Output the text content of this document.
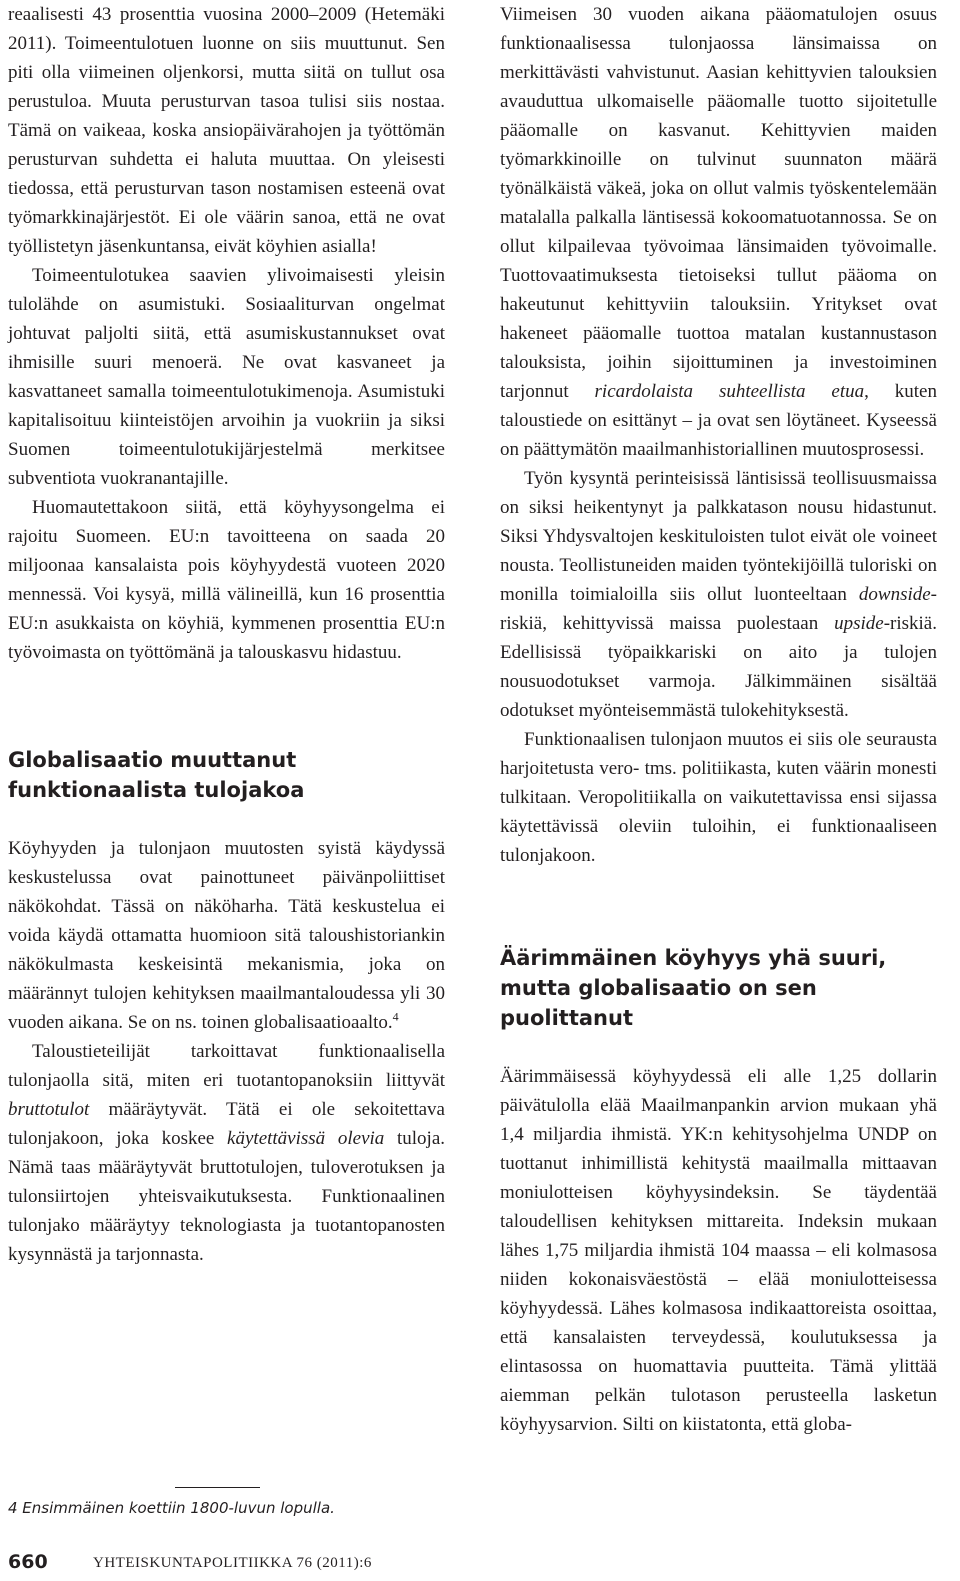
reaalisesti 43 prosenttia vuosina 2000–2009 (Hetemäki 2011). Toimeentulotuen luonne on siis muuttunut. Sen piti olla viimeinen oljenkorsi, mutta siitä on tullut osa perustuloa. Muuta perusturvan tasoa tulisi siis nostaa. Tämä on vaikeaa, koska ansiopäivärahojen ja työttömän perusturvan suhdetta ei haluta muuttaa. On yleisesti tiedossa, että perusturvan tason nostamisen esteenä ovat työmarkkinajärjestöt. Ei ole väärin sanoa, että ne ovat työllistetyn jäsenkuntansa, eivät köyhien asialla!

Toimeentulotukea saavien ylivoimaisesti yleisin tulolähde on asumistuki. Sosiaaliturvan ongelmat johtuvat paljolti siitä, että asumiskustannukset ovat ihmisille suuri menoerä. Ne ovat kasvaneet ja kasvattaneet samalla toimeentulotukimenoja. Asumistuki kapitalisoituu kiinteistöjen arvoihin ja vuokriin ja siksi Suomen toimeentulotukijärjestelmä merkitsee subventiota vuokranantajille.

Huomautettakoon siitä, että köyhyysongelma ei rajoitu Suomeen. EU:n tavoitteena on saada 20 miljoonaa kansalaista pois köyhyydestä vuoteen 2020 mennessä. Voi kysyä, millä välineillä, kun 16 prosenttia EU:n asukkaista on köyhiä, kymmenen prosenttia EU:n työvoimasta on työttömänä ja talouskasvu hidastuu.

Globalisaatio muuttanut funktionaalista tulojakoa

Köyhyyden ja tulonjaon muutosten syistä käydyssä keskustelussa ovat painottuneet päivänpoliittiset näkökohdat. Tässä on näköharha. Tätä keskustelua ei voida käydä ottamatta huomioon sitä taloushistoriankin näkökulmasta keskeisintä mekanismia, joka on määrännyt tulojen kehityksen maailmantaloudessa yli 30 vuoden aikana. Se on ns. toinen globalisaatioaalto.$^4$

Taloustieteilijät tarkoittavat funktionaalisella tulonjaolla sitä, miten eri tuotantopanoksiin liittyvät bruttotulot määräytyvät. Tätä ei ole sekoitettava tulonjakoon, joka koskee käytettävissä olevia tuloja. Nämä taas määräytyvät bruttotulojen, tuloverotuksen ja tulonsiirtojen yhteisvaikutuksesta. Funktionaalinen tulonjako määräytyy teknologiasta ja tuotantopanosten kysynnästä ja tarjonnasta.

Viimeisen 30 vuoden aikana pääomatulojen osuus funktionaalisessa tulonjaossa länsimaissa on merkittävästi vahvistunut. Aasian kehittyvien talouksien avauduttua ulkomaiselle pääomalle tuotto sijoitetulle pääomalle on kasvanut. Kehittyvien maiden työmarkkinoille on tulvinut suunnaton määrä työnälkäistä väkeä, joka on ollut valmis työskentelemään matalalla palkalla läntisessä kokoomatuotannossa. Se on ollut kilpailevaa työvoimaa länsimaiden työvoimalle. Tuottovaatimuksesta tietoiseksi tullut pääoma on hakeutunut kehittyviin talouksiin. Yritykset ovat hakeneet pääomalle tuottoa matalan kustannustason talouksista, joihin sijoittuminen ja investoiminen tarjonnut ricardolaista suhteellista etua, kuten taloustiede on esittänyt – ja ovat sen löytäneet. Kyseessä on päättymätön maailmanhistoriallinen muutosprosessi.

Työn kysyntä perinteisissä läntisissä teollisuusmaissa on siksi heikentynyt ja palkkatason nousu hidastunut. Siksi Yhdysvaltojen keskituloisten tulot eivät ole voineet nousta. Teollistuneiden maiden työntekijöillä tuloriski on monilla toimialoilla siis ollut luonteeltaan downside-riskiä, kehittyvissä maissa puolestaan upside-riskiä. Edellisissä työpaikkariski on aito ja tulojen nousuodotukset varmoja. Jälkimmäinen sisältää odotukset myönteisemmästä tulokehityksestä.

Funktionaalisen tulonjaon muutos ei siis ole seurausta harjoitetusta vero- tms. politiikasta, kuten väärin monesti tulkitaan. Veropolitiikalla on vaikutettavissa ensi sijassa käytettävissä oleviin tuloihin, ei funktionaaliseen tulonjakoon.

Äärimmäinen köyhyys yhä suuri, mutta globalisaatio on sen puolittanut

Äärimmäisessä köyhyydessä eli alle 1,25 dollarin päivätulolla elää Maailmanpankin arvion mukaan yhä 1,4 miljardia ihmistä. YK:n kehitysohjelma UNDP on tuottanut inhimillistä kehitystä maailmalla mittaavan moniulotteisen köyhyysindeksin. Se täydentää taloudellisen kehityksen mittareita. Indeksin mukaan lähes 1,75 miljardia ihmistä 104 maassa – eli kolmasosa niiden kokonaisväestöstä – elää moniulotteisessa köyhyydessä. Lähes kolmasosa indikaattoreista osoittaa, että kansalaisten terveydessä, koulutuksessa ja elintasossa on huomattavia puutteita. Tämä ylittää aiemman pelkän tulotason perusteella lasketun köyhyysarvion. Silti on kiistatonta, että globa-

4 Ensimmäinen koettiin 1800-luvun lopulla.
660	YHTEISKUNTAPOLITIIKKA 76 (2011):6
